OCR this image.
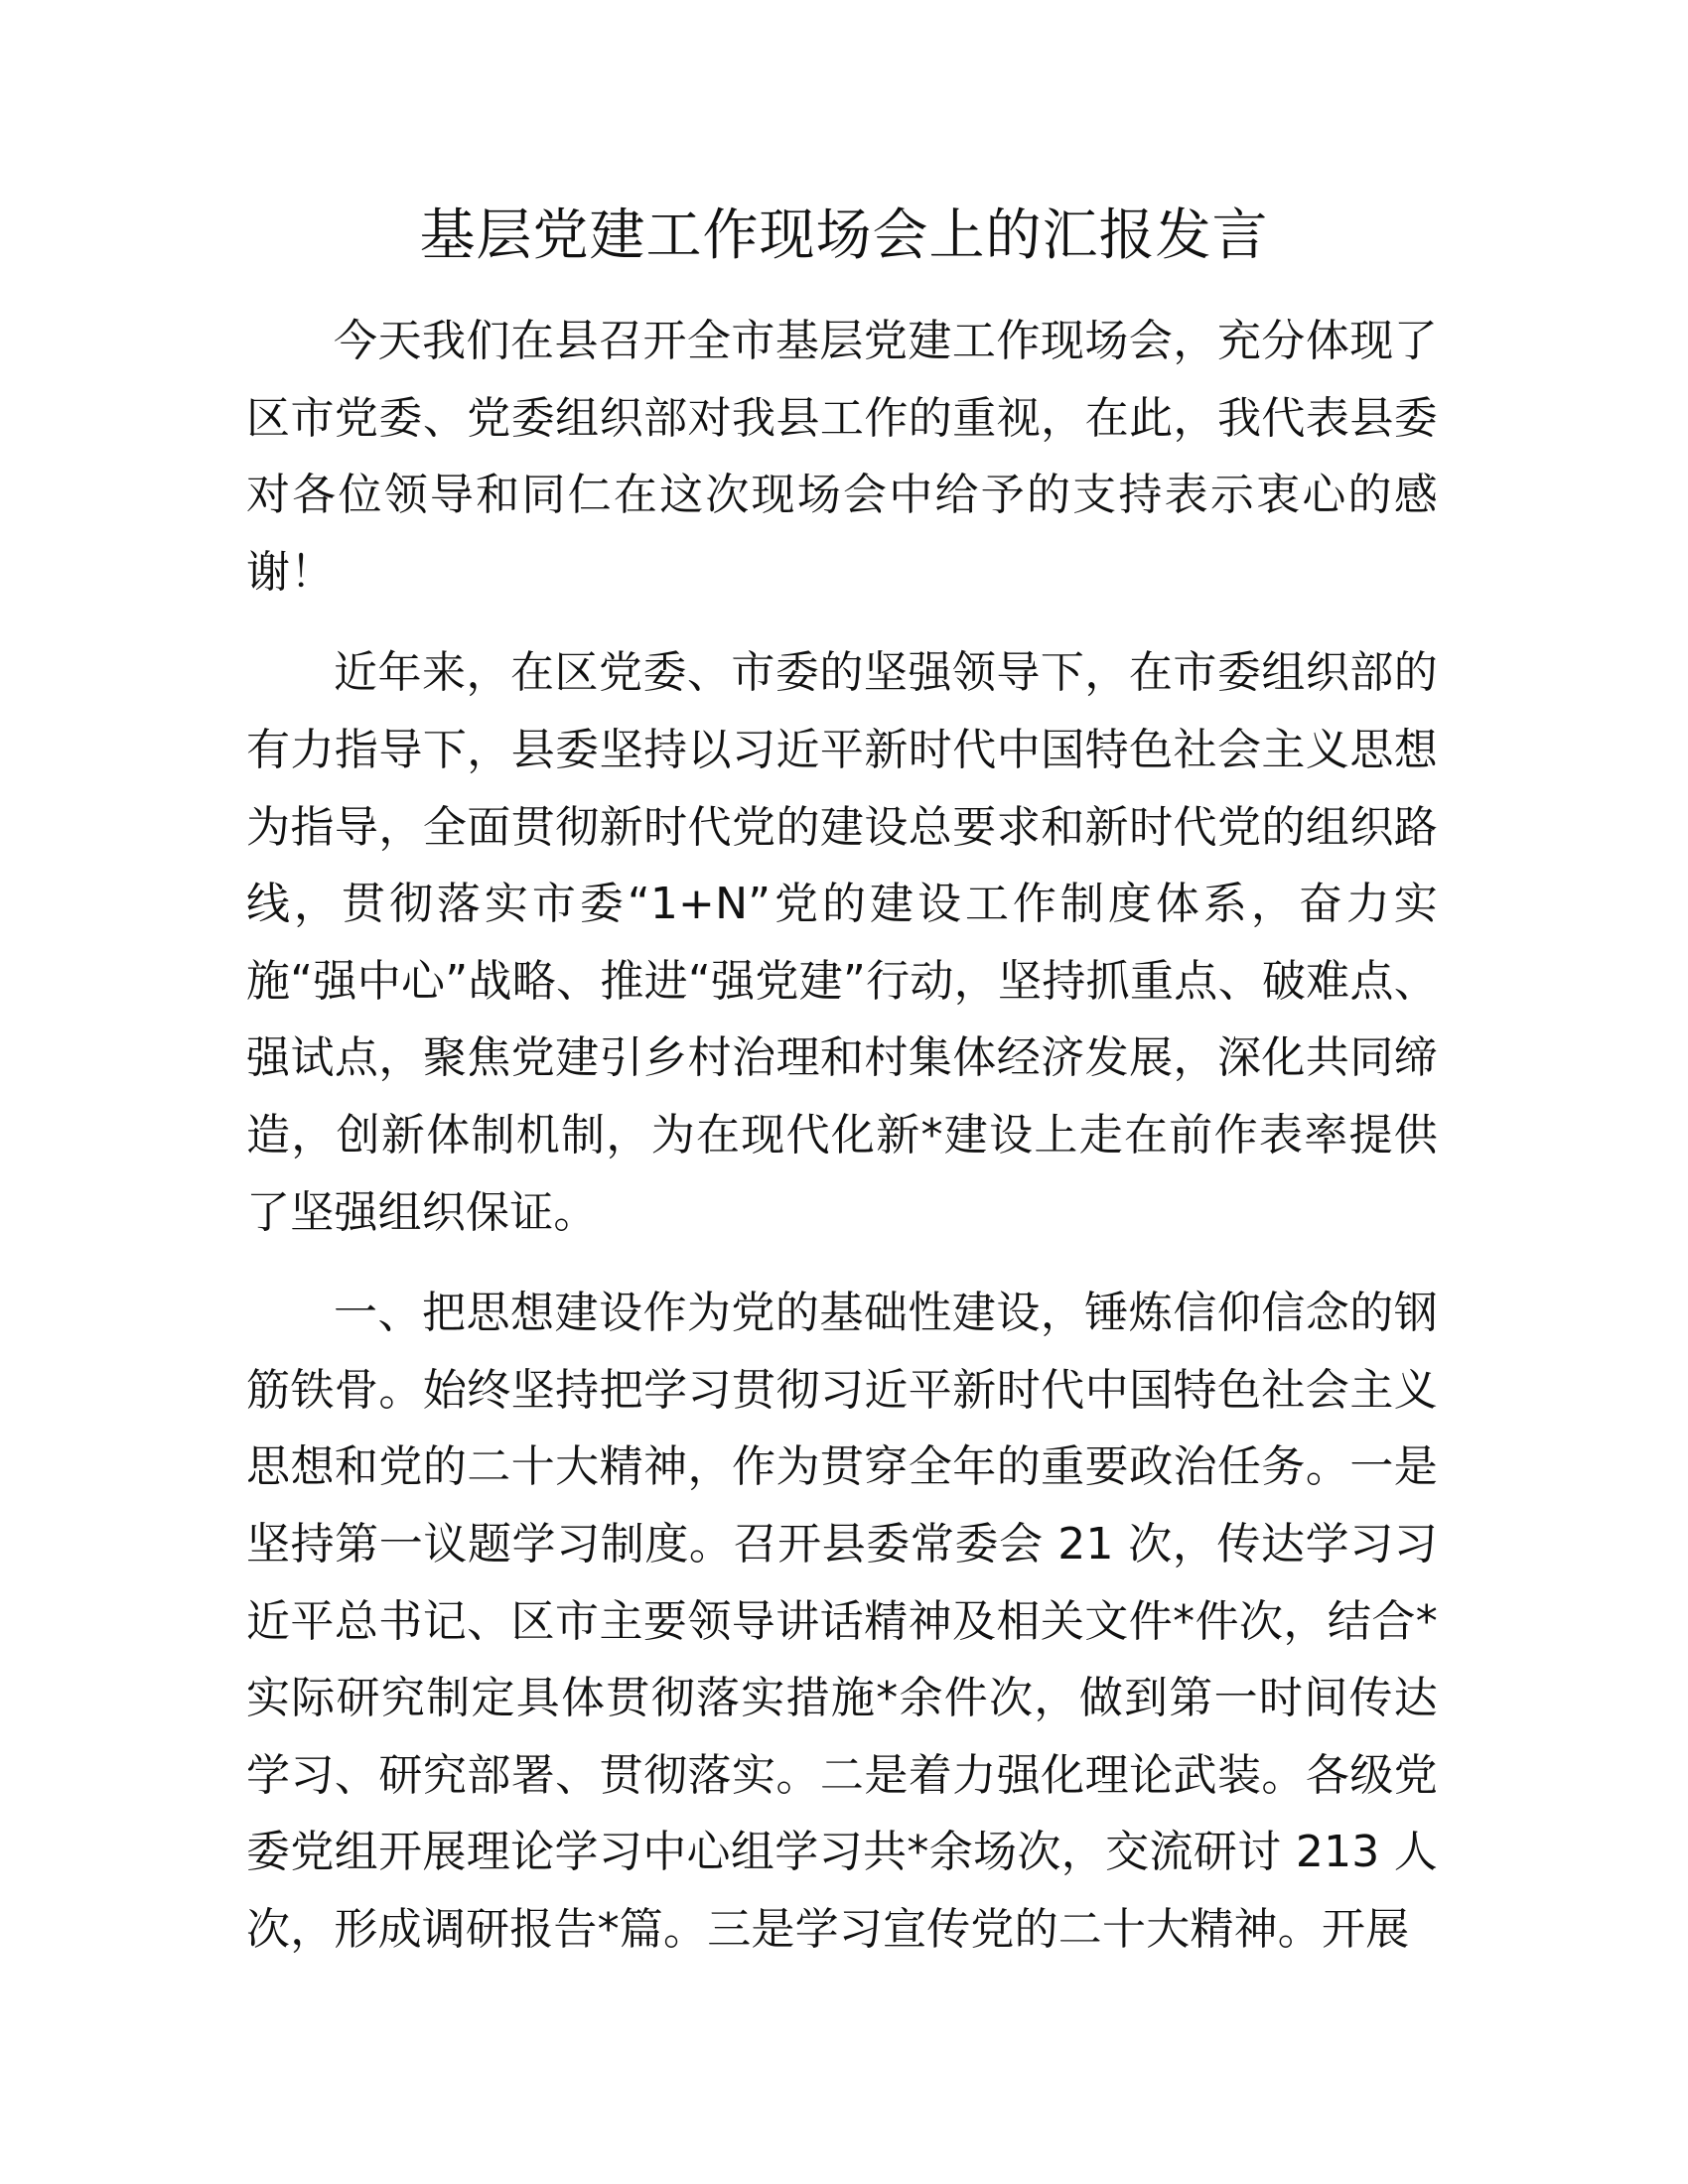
基层党建工作现场会上的汇报发言

今天我们在县召开全市基层党建工作现场会，充分体现了区市党委、党委组织部对我县工作的重视，在此，我代表县委对各位领导和同仁在这次现场会中给予的支持表示衷心的感谢！

近年来，在区党委、市委的坚强领导下，在市委组织部的有力指导下，县委坚持以习近平新时代中国特色社会主义思想为指导，全面贯彻新时代党的建设总要求和新时代党的组织路线，贯彻落实市委“1+N”党的建设工作制度体系，奋力实施“强中心”战略、推进“强党建”行动，坚持抓重点、破难点、强试点，聚焦党建引乡村治理和村集体经济发展，深化共同缔造，创新体制机制，为在现代化新*建设上走在前作表率提供了坚强组织保证。

一、把思想建设作为党的基础性建设，锤炼信仰信念的钢筋铁骨。始终坚持把学习贯彻习近平新时代中国特色社会主义思想和党的二十大精神，作为贯穿全年的重要政治任务。一是坚持第一议题学习制度。召开县委常委会 21 次，传达学习习近平总书记、区市主要领导讲话精神及相关文件*件次，结合*实际研究制定具体贯彻落实措施*余件次，做到第一时间传达学习、研究部署、贯彻落实。二是着力强化理论武装。各级党委党组开展理论学习中心组学习共*余场次，交流研讨 213 人次，形成调研报告*篇。三是学习宣传党的二十大精神。开展
